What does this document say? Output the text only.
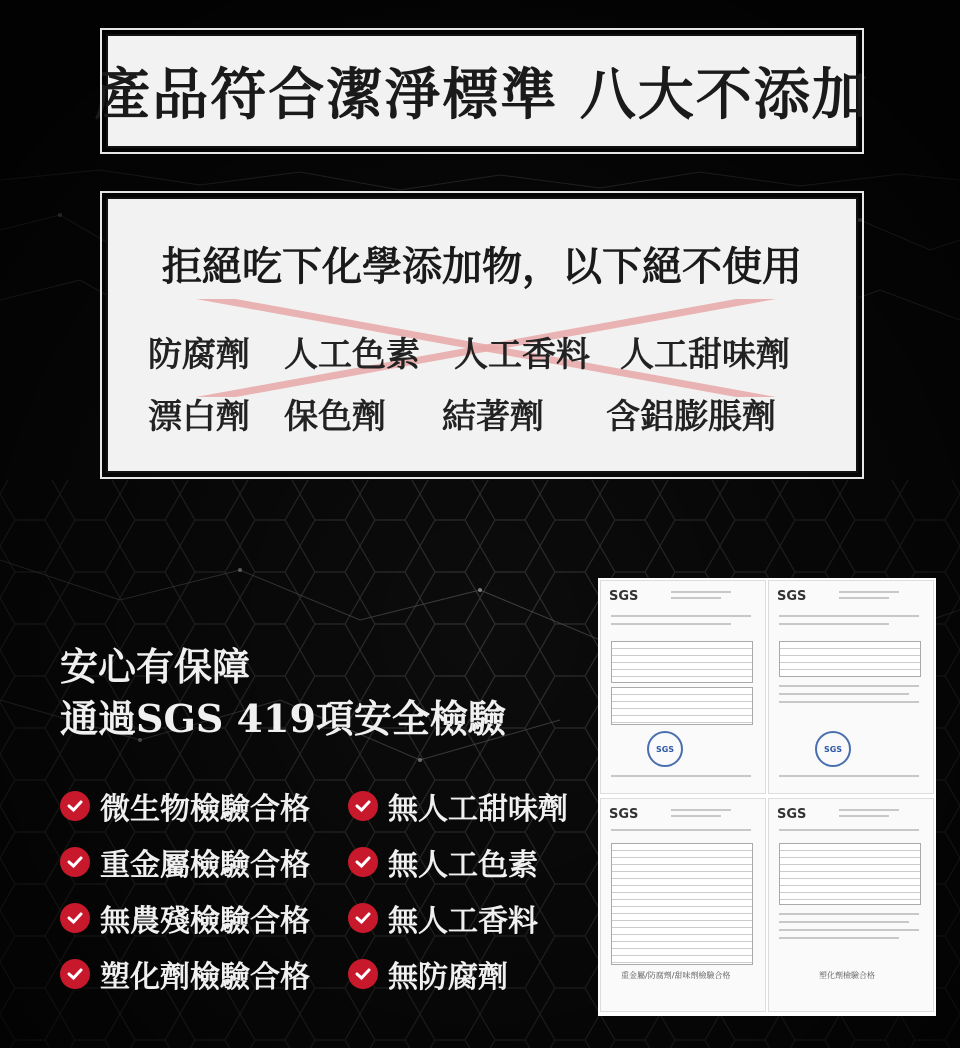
產品符合潔淨標準 八大不添加
拒絕吃下化學添加物，以下絕不使用
防腐劑 人工色素 人工香料 人工甜味劑
漂白劑 保色劑 結著劑 含鋁膨脹劑
安心有保障
通過SGS 419項安全檢驗
微生物檢驗合格
重金屬檢驗合格
無農殘檢驗合格
塑化劑檢驗合格
無人工甜味劑
無人工色素
無人工香料
無防腐劑
SGS
SGS
SGS
SGS
SGS
重金屬/防腐劑/甜味劑檢驗合格
SGS
塑化劑檢驗合格
